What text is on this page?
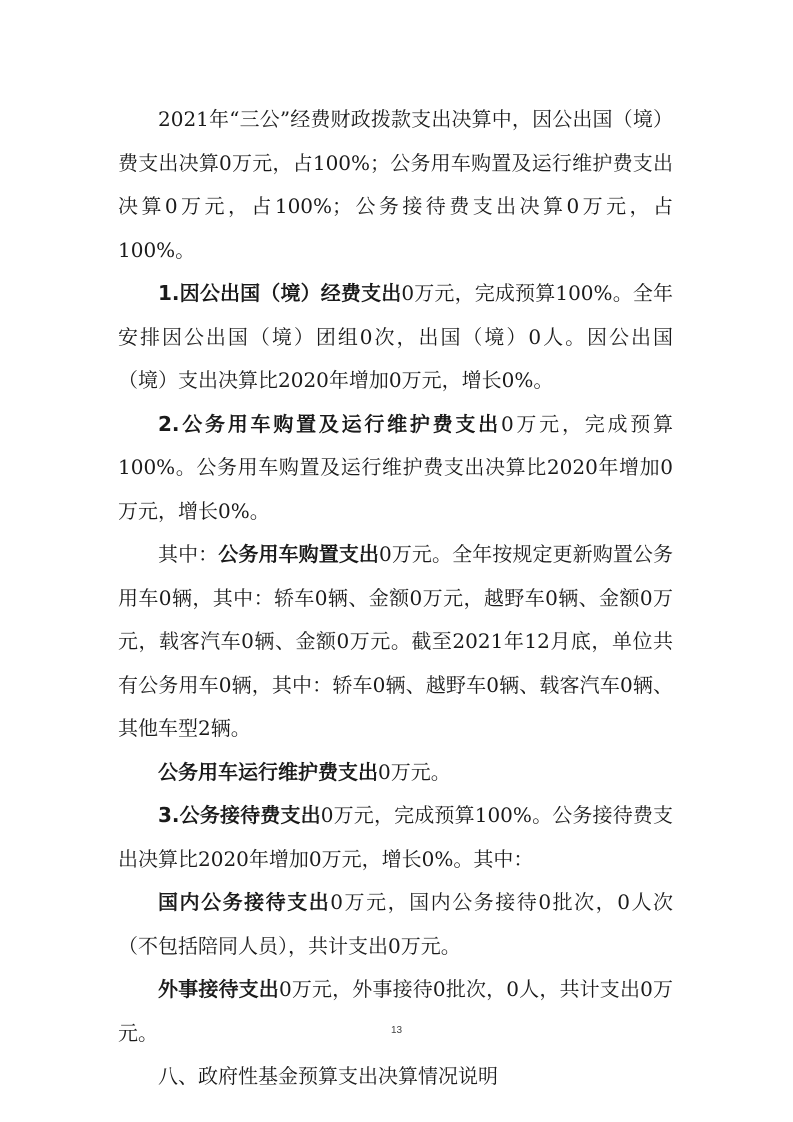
2021年“三公”经费财政拨款支出决算中，因公出国（境）费支出决算0万元，占100%；公务用车购置及运行维护费支出决算0万元，占100%；公务接待费支出决算0万元，占100%。

1.因公出国（境）经费支出0万元，完成预算100%。全年安排因公出国（境）团组0次，出国（境）0人。因公出国（境）支出决算比2020年增加0万元，增长0%。

2.公务用车购置及运行维护费支出0万元，完成预算100%。公务用车购置及运行维护费支出决算比2020年增加0万元，增长0%。

其中：公务用车购置支出0万元。全年按规定更新购置公务用车0辆，其中：轿车0辆、金额0万元，越野车0辆、金额0万元，载客汽车0辆、金额0万元。截至2021年12月底，单位共有公务用车0辆，其中：轿车0辆、越野车0辆、载客汽车0辆、其他车型2辆。

公务用车运行维护费支出0万元。

3.公务接待费支出0万元，完成预算100%。公务接待费支出决算比2020年增加0万元，增长0%。其中：

国内公务接待支出0万元，国内公务接待0批次，0人次（不包括陪同人员），共计支出0万元。

外事接待支出0万元，外事接待0批次，0人，共计支出0万元。

八、政府性基金预算支出决算情况说明

13
